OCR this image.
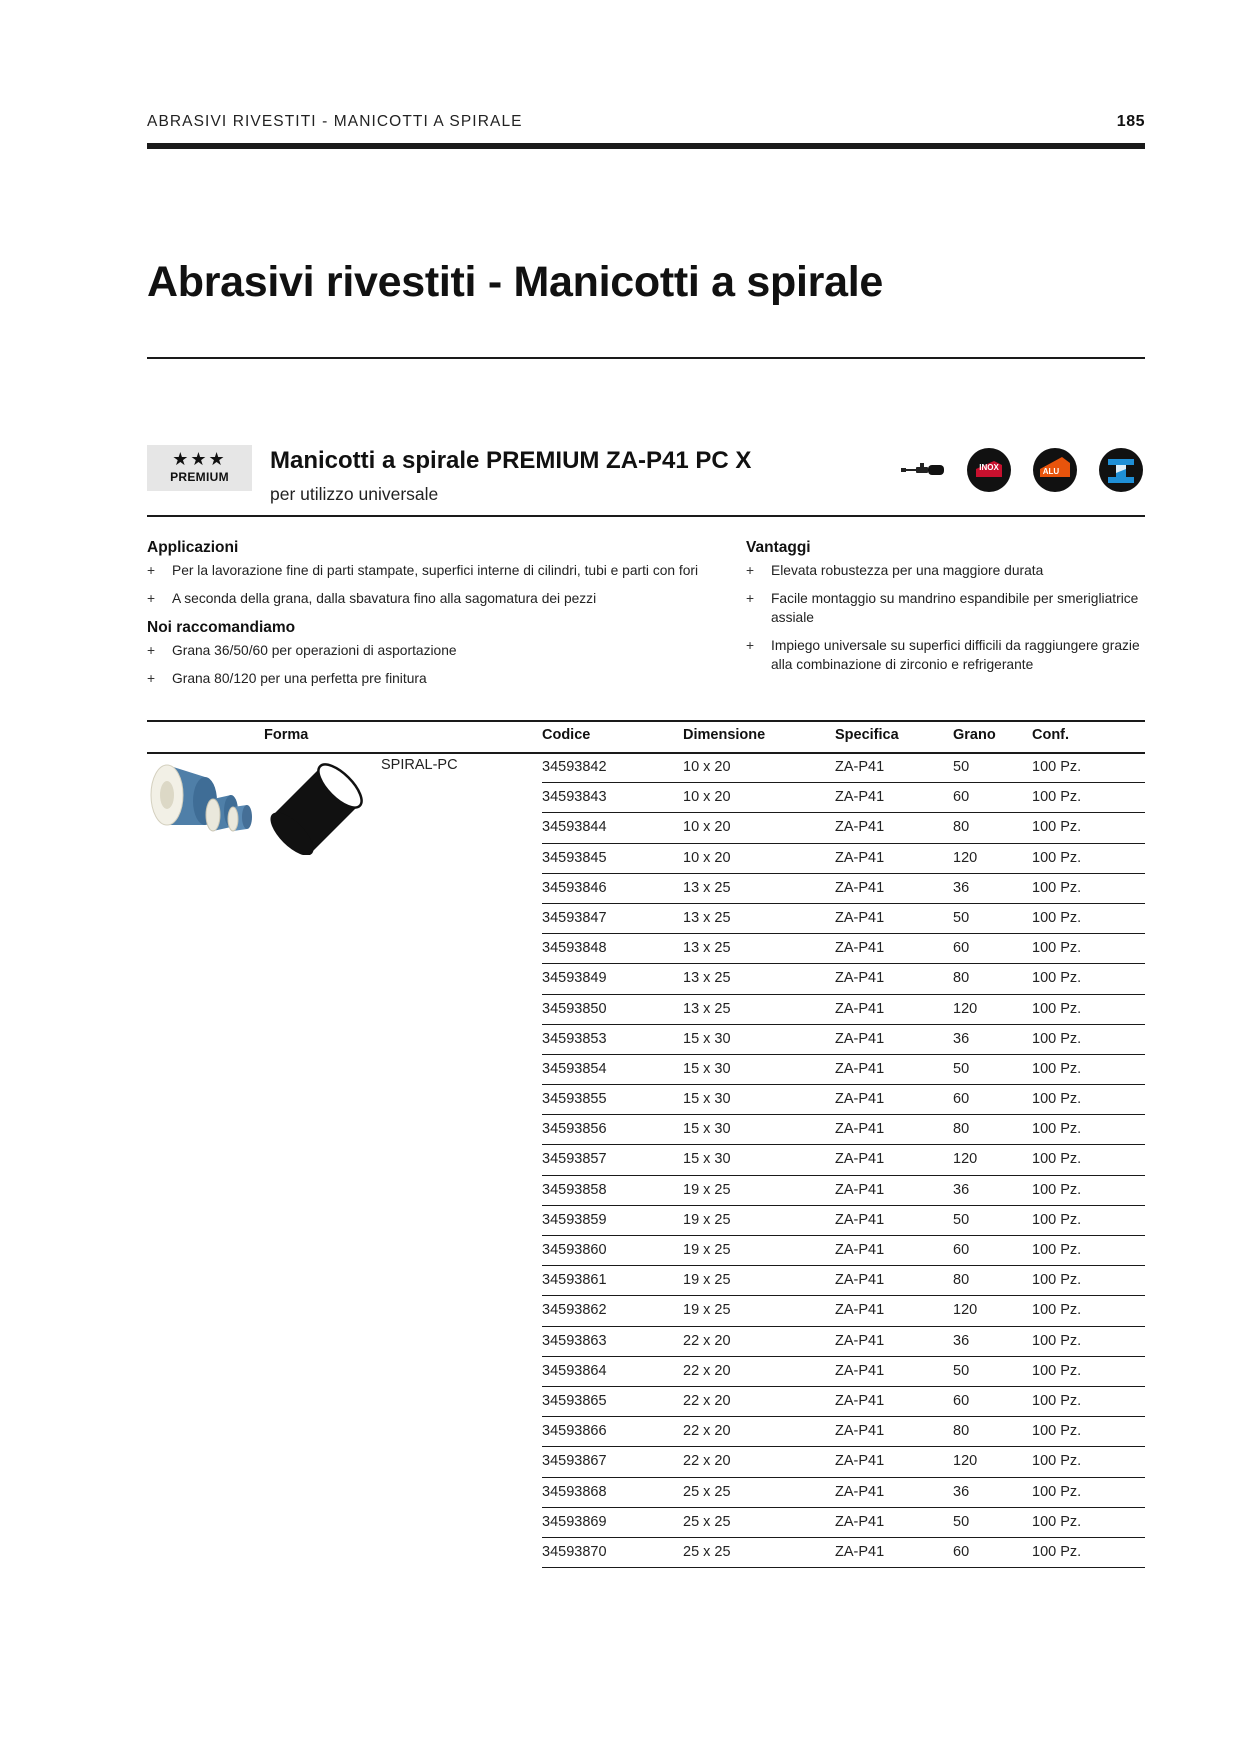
ABRASIVI RIVESTITI - MANICOTTI A SPIRALE	185
Abrasivi rivestiti - Manicotti a spirale
★★★
PREMIUM
Manicotti a spirale PREMIUM ZA-P41 PC X
per utilizzo universale
INOX	ALU
Applicazioni
+	Per la lavorazione fine di parti stampate, superfici interne di cilindri, tubi e parti con fori
+	A seconda della grana, dalla sbavatura fino alla sagomatura dei pezzi
Noi raccomandiamo
+	Grana 36/50/60 per operazioni di asportazione
+	Grana 80/120 per una perfetta pre finitura
Vantaggi
+	Elevata robustezza per una maggiore durata
+	Facile montaggio su mandrino espandibile per smerigliatrice assiale
+	Impiego universale su superfici difficili da raggiungere grazie alla combinazione di zirconio e refrigerante
Forma	Codice	Dimensione	Specifica	Grano	Conf.
SPIRAL-PC	34593842	10 x 20	ZA-P41	50	100 Pz.
34593843	10 x 20	ZA-P41	60	100 Pz.
34593844	10 x 20	ZA-P41	80	100 Pz.
34593845	10 x 20	ZA-P41	120	100 Pz.
34593846	13 x 25	ZA-P41	36	100 Pz.
34593847	13 x 25	ZA-P41	50	100 Pz.
34593848	13 x 25	ZA-P41	60	100 Pz.
34593849	13 x 25	ZA-P41	80	100 Pz.
34593850	13 x 25	ZA-P41	120	100 Pz.
34593853	15 x 30	ZA-P41	36	100 Pz.
34593854	15 x 30	ZA-P41	50	100 Pz.
34593855	15 x 30	ZA-P41	60	100 Pz.
34593856	15 x 30	ZA-P41	80	100 Pz.
34593857	15 x 30	ZA-P41	120	100 Pz.
34593858	19 x 25	ZA-P41	36	100 Pz.
34593859	19 x 25	ZA-P41	50	100 Pz.
34593860	19 x 25	ZA-P41	60	100 Pz.
34593861	19 x 25	ZA-P41	80	100 Pz.
34593862	19 x 25	ZA-P41	120	100 Pz.
34593863	22 x 20	ZA-P41	36	100 Pz.
34593864	22 x 20	ZA-P41	50	100 Pz.
34593865	22 x 20	ZA-P41	60	100 Pz.
34593866	22 x 20	ZA-P41	80	100 Pz.
34593867	22 x 20	ZA-P41	120	100 Pz.
34593868	25 x 25	ZA-P41	36	100 Pz.
34593869	25 x 25	ZA-P41	50	100 Pz.
34593870	25 x 25	ZA-P41	60	100 Pz.
